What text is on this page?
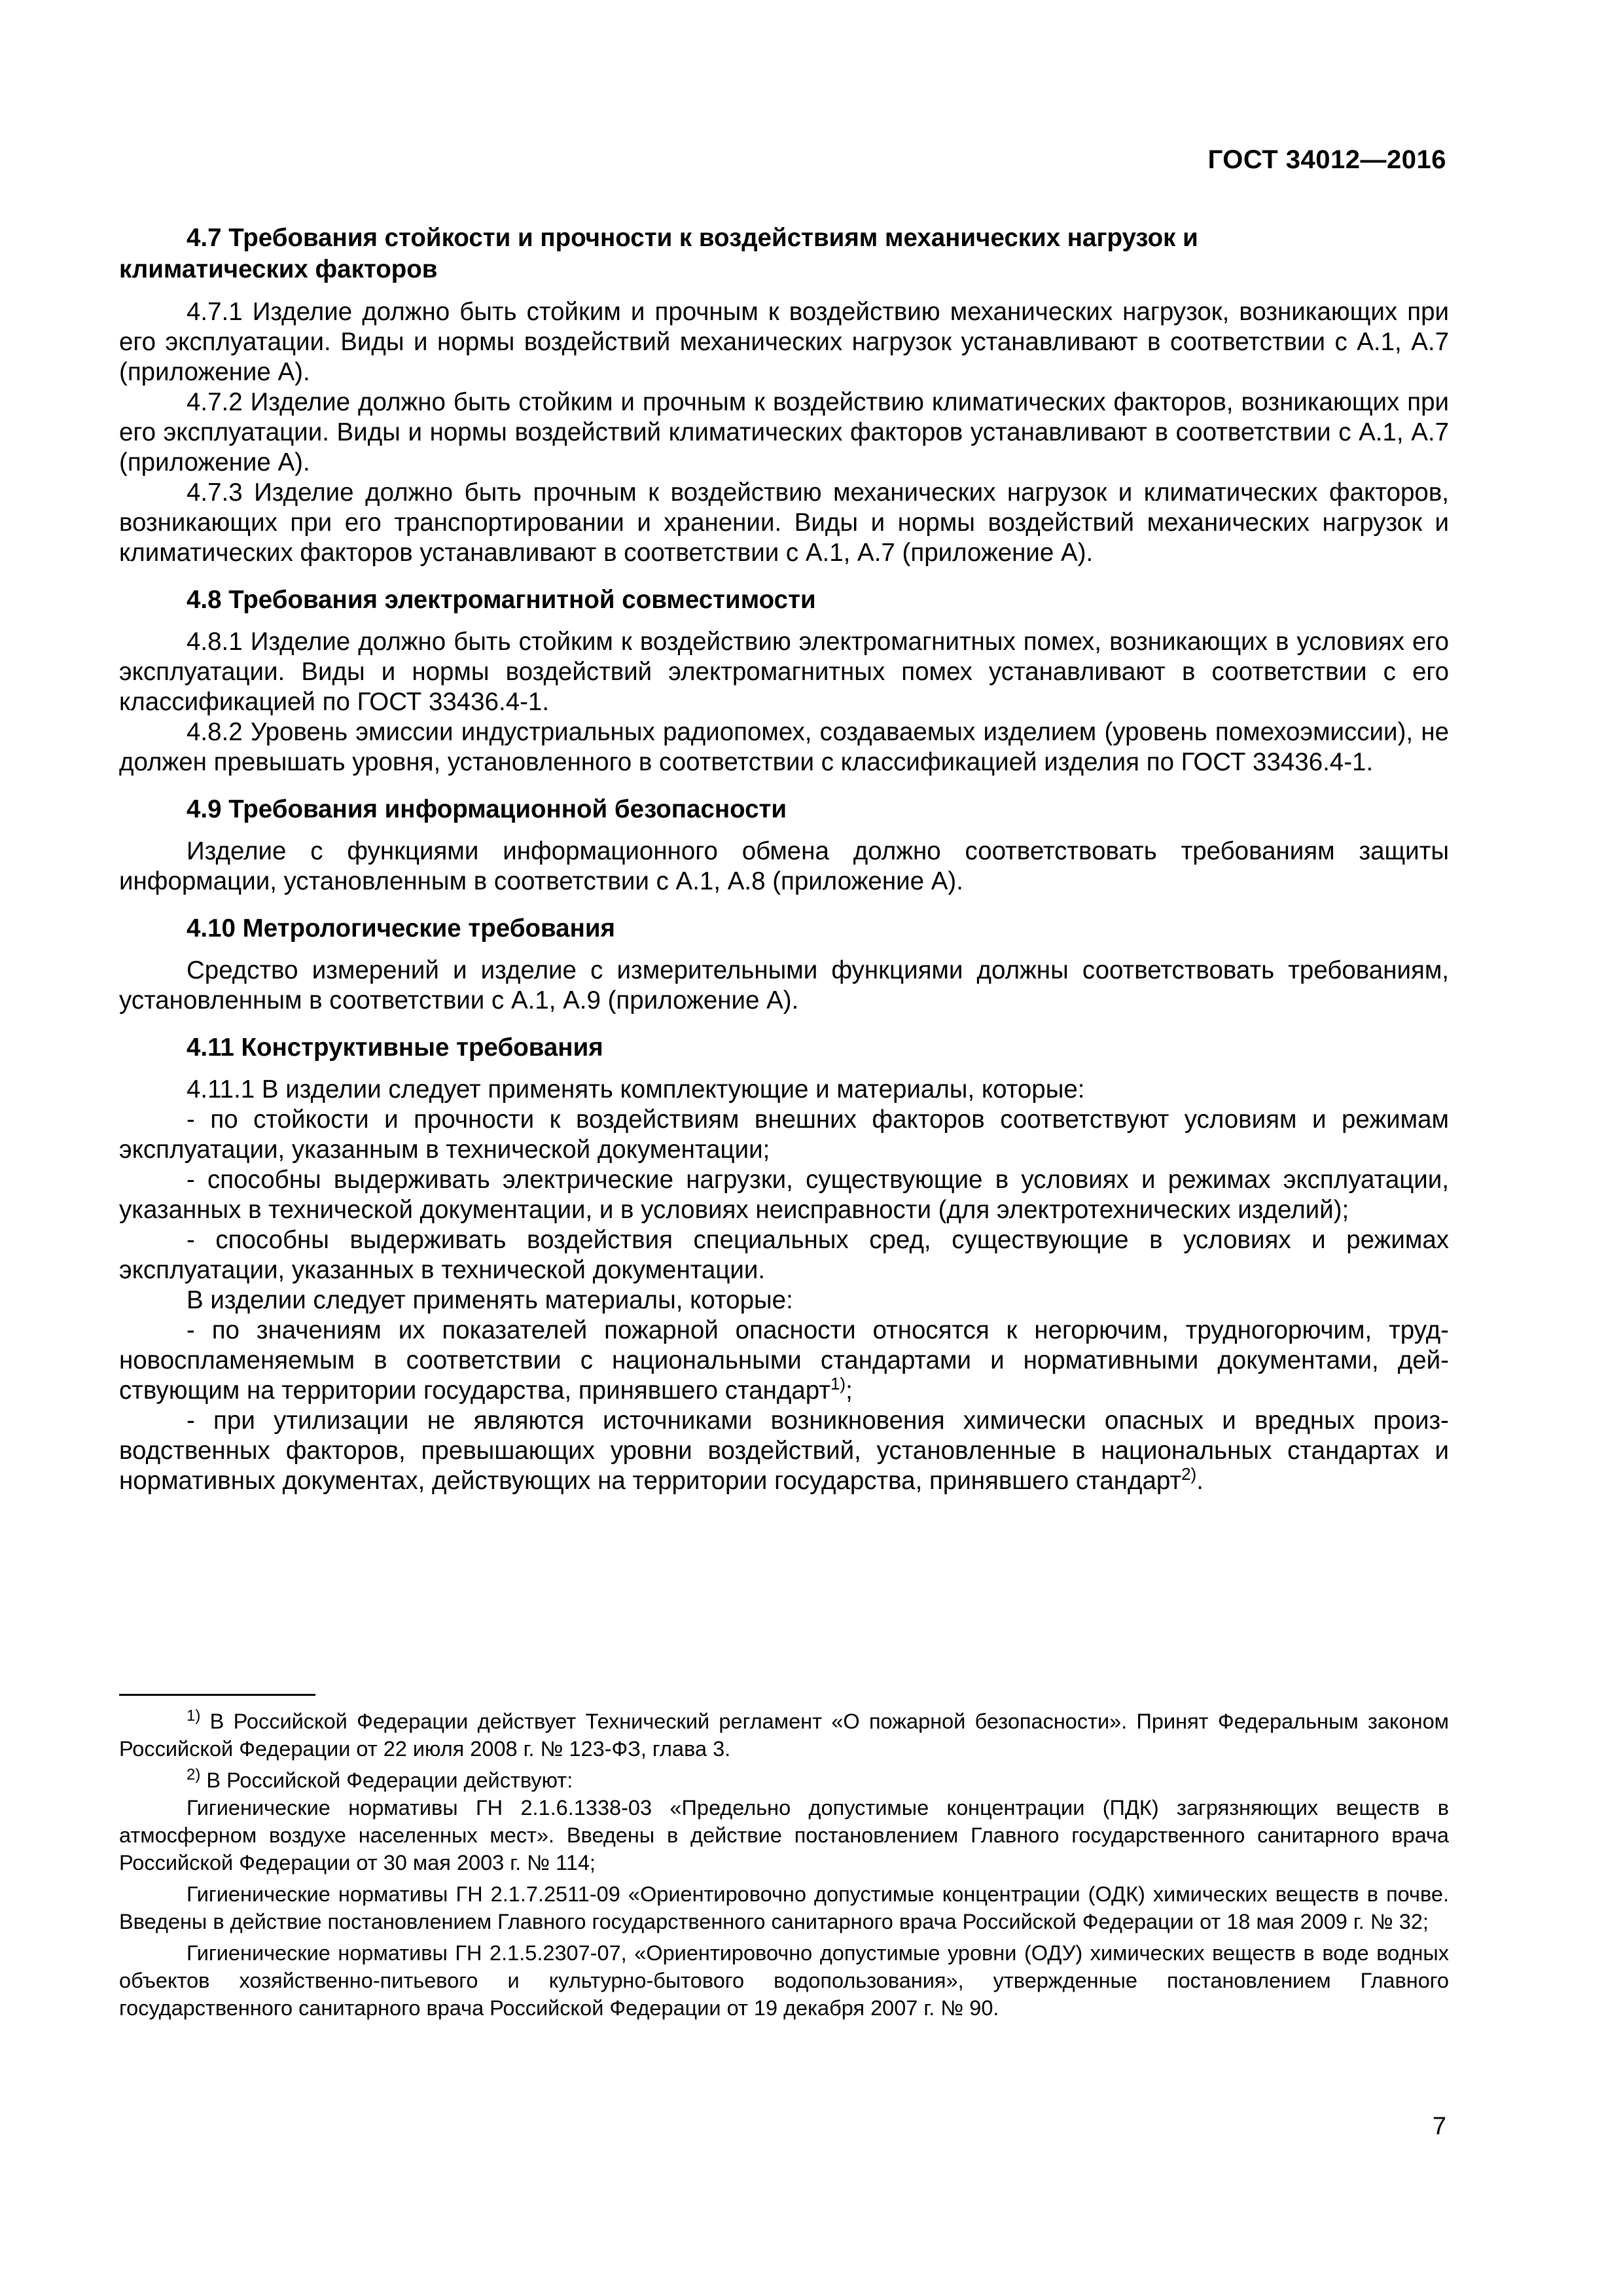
ГОСТ 34012—2016
4.7 Требования стойкости и прочности к воздействиям механических нагрузок и
климатических факторов

4.7.1 Изделие должно быть стойким и прочным к воздействию механических нагрузок, возникающих при его эксплуатации. Виды и нормы воздействий механических нагрузок устанавливают в соответствии с А.1, А.7 (приложение А).

4.7.2 Изделие должно быть стойким и прочным к воздействию климатических факторов, возникающих при его эксплуатации. Виды и нормы воздействий климатических факторов устанавливают в соответствии с А.1, А.7 (приложение А).

4.7.3 Изделие должно быть прочным к воздействию механических нагрузок и климатических факторов, возникающих при его транспортировании и хранении. Виды и нормы воздействий механических нагрузок и климатических факторов устанавливают в соответствии с А.1, А.7 (приложение А).

4.8 Требования электромагнитной совместимости

4.8.1 Изделие должно быть стойким к воздействию электромагнитных помех, возникающих в условиях его эксплуатации. Виды и нормы воздействий электромагнитных помех устанавливают в соответствии с его классификацией по ГОСТ 33436.4-1.

4.8.2 Уровень эмиссии индустриальных радиопомех, создаваемых изделием (уровень помехоэмиссии), не должен превышать уровня, установленного в соответствии с классификацией изделия по ГОСТ 33436.4-1.

4.9 Требования информационной безопасности

Изделие с функциями информационного обмена должно соответствовать требованиям защиты информации, установленным в соответствии с А.1, А.8 (приложение А).

4.10 Метрологические требования

Средство измерений и изделие с измерительными функциями должны соответствовать требованиям, установленным в соответствии с А.1, А.9 (приложение А).

4.11 Конструктивные требования

4.11.1 В изделии следует применять комплектующие и материалы, которые:

- по стойкости и прочности к воздействиям внешних факторов соответствуют условиям и режимам эксплуатации, указанным в технической документации;

- способны выдерживать электрические нагрузки, существующие в условиях и режимах эксплуатации, указанных в технической документации, и в условиях неисправности (для электротехнических изделий);

- способны выдерживать воздействия специальных сред, существующие в условиях и режимах эксплуатации, указанных в технической документации.

В изделии следует применять материалы, которые:

- по значениям их показателей пожарной опасности относятся к негорючим, трудногорючим, трудновоспламеняемым в соответствии с национальными стандартами и нормативными документами, действующим на территории государства, принявшего стандарт$^{1)}$;

- при утилизации не являются источниками возникновения химически опасных и вредных производственных факторов, превышающих уровни воздействий, установленные в национальных стандартах и нормативных документах, действующих на территории государства, принявшего стандарт$^{2)}$.

$^{1)}$ В Российской Федерации действует Технический регламент «О пожарной безопасности». Принят Федеральным законом Российской Федерации от 22 июля 2008 г. № 123-ФЗ, глава 3.

$^{2)}$ В Российской Федерации действуют:

Гигиенические нормативы ГН 2.1.6.1338-03 «Предельно допустимые концентрации (ПДК) загрязняющих веществ в атмосферном воздухе населенных мест». Введены в действие постановлением Главного государственного санитарного врача Российской Федерации от 30 мая 2003 г. № 114;

Гигиенические нормативы ГН 2.1.7.2511-09 «Ориентировочно допустимые концентрации (ОДК) химических веществ в почве. Введены в действие постановлением Главного государственного санитарного врача Российской Федерации от 18 мая 2009 г. № 32;

Гигиенические нормативы ГН 2.1.5.2307-07, «Ориентировочно допустимые уровни (ОДУ) химических веществ в воде водных объектов хозяйственно-питьевого и культурно-бытового водопользования», утвержденные постановлением Главного государственного санитарного врача Российской Федерации от 19 декабря 2007 г. № 90.

7
